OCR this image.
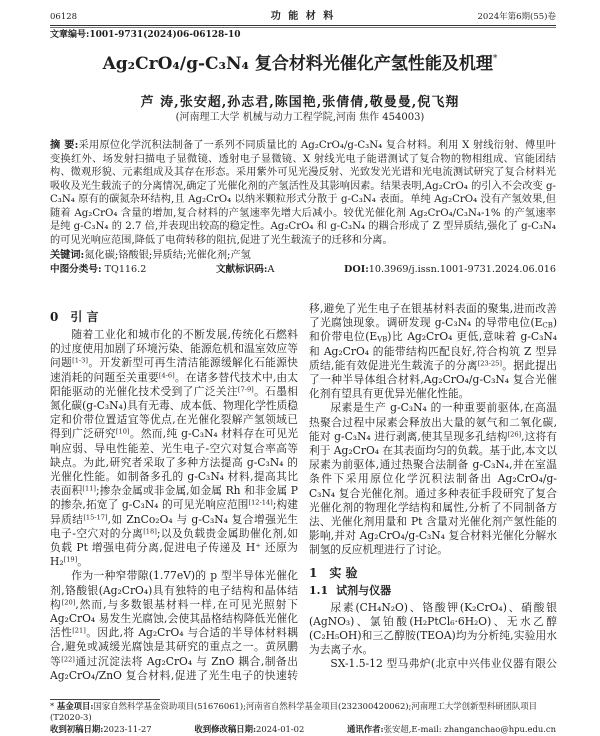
06128	功 能 材 料	2024年第6期(55)卷
文章编号:1001-9731(2024)06-06128-10
Ag₂CrO₄/g-C₃N₄ 复合材料光催化产氢性能及机理*
芦 涛,张安超,孙志君,陈国艳,张倩倩,敬曼曼,倪飞翔
(河南理工大学 机械与动力工程学院,河南 焦作 454003)
摘 要:采用原位化学沉积法制备了一系列不同质量比的 Ag₂CrO₄/g-C₃N₄ 复合材料。利用 X 射线衍射、傅里叶变换红外、场发射扫描电子显微镜、透射电子显微镜、X 射线光电子能谱测试了复合物的物相组成、官能团结构、微观形貌、元素组成及其存在形态。采用紫外可见光漫反射、光致发光光谱和光电流测试研究了复合材料光吸收及光生载流子的分离情况,确定了光催化剂的产氢活性及其影响因素。结果表明,Ag₂CrO₄ 的引入不会改变 g-C₃N₄ 原有的碳氮杂环结构,且 Ag₂CrO₄ 以纳米颗粒形式分散于 g-C₃N₄ 表面。单纯 Ag₂CrO₄ 没有产氢效果,但随着 Ag₂CrO₄ 含量的增加,复合材料的产氢速率先增大后减小。较优光催化剂 Ag₂CrO₄/C₃N₄-1% 的产氢速率是纯 g-C₃N₄ 的 2.7 倍,并表现出较高的稳定性。Ag₂CrO₄ 和 g-C₃N₄ 的耦合形成了 Z 型异质结,强化了 g-C₃N₄ 的可见光响应范围,降低了电荷转移的阻抗,促进了光生载流子的迁移和分离。
关键词:氮化碳;铬酸银;异质结;光催化剂;产氢
中图分类号: TQ116.2	文献标识码:A	DOI:10.3969/j.issn.1001-9731.2024.06.016
0 引 言

随着工业化和城市化的不断发展,传统化石燃料的过度使用加剧了环境污染、能源危机和温室效应等问题[1-3]。开发新型可再生清洁能源缓解化石能源快速消耗的问题至关重要[4-6]。在诸多替代技术中,由太阳能驱动的光催化技术受到了广泛关注[7-9]。石墨相氮化碳(g-C₃N₄)具有无毒、成本低、物理化学性质稳定和价带位置适宜等优点,在光催化裂解产氢领域已得到广泛研究[10]。然而,纯 g-C₃N₄ 材料存在可见光响应弱、导电性能差、光生电子-空穴对复合率高等缺点。为此,研究者采取了多种方法提高 g-C₃N₄ 的光催化性能。如制备多孔的 g-C₃N₄ 材料,提高其比表面积[11];掺杂金属或非金属,如金属 Rh 和非金属 P 的掺杂,拓宽了 g-C₃N₄ 的可见光响应范围[12-14];构建异质结[15-17],如 ZnCo₂O₄ 与 g-C₃N₄ 复合增强光生电子-空穴对的分离[18];以及负载贵金属助催化剂,如负载 Pt 增强电荷分离,促进电子传递及 H⁺ 还原为 H₂[19]。

作为一种窄带隙(1.77eV)的 p 型半导体光催化剂,铬酸银(Ag₂CrO₄)具有独特的电子结构和晶体结构[20],然而,与多数银基材料一样,在可见光照射下 Ag₂CrO₄ 易发生光腐蚀,会使其晶格结构降低光催化活性[21]。因此,将 Ag₂CrO₄ 与合适的半导体材料耦合,避免或减缓光腐蚀是其研究的重点之一。黄夙鹏等[22]通过沉淀法将 Ag₂CrO₄ 与 ZnO 耦合,制备出 Ag₂CrO₄/ZnO 复合材料,促进了光生电子的快速转

移,避免了光生电子在银基材料表面的聚集,进而改善了光腐蚀现象。调研发现 g-C₃N₄ 的导带电位$(E_{CB})$和价带电位$(E_{VB})$比 Ag₂CrO₄ 更低,意味着 g-C₃N₄ 和 Ag₂CrO₄ 的能带结构匹配良好,符合构筑 Z 型异质结,能有效促进光生载流子的分离[23-25]。据此提出了一种半导体组合材料,Ag₂CrO₄/g-C₃N₄ 复合光催化剂有望具有更优异光催化性能。

尿素是生产 g-C₃N₄ 的一种重要前驱体,在高温热聚合过程中尿素会释放出大量的氨气和二氧化碳,能对 g-C₃N₄ 进行剥离,使其呈现多孔结构[26],这将有利于 Ag₂CrO₄ 在其表面均匀的负载。基于此,本文以尿素为前驱体,通过热聚合法制备 g-C₃N₄,并在室温条件下采用原位化学沉积法制备出 Ag₂CrO₄/g-C₃N₄ 复合光催化剂。通过多种表征手段研究了复合光催化剂的物理化学结构和属性,分析了不同制备方法、光催化剂用量和 Pt 含量对光催化剂产氢性能的影响,并对 Ag₂CrO₄/g-C₃N₄ 复合材料光催化分解水制氢的反应机理进行了讨论。

1 实 验
1.1 试剂与仪器

尿素(CH₄N₂O)、铬酸钾(K₂CrO₄)、硝酸银(AgNO₃)、氯铂酸(H₂PtCl₆·6H₂O)、无水乙醇(C₂H₅OH)和三乙醇胺(TEOA)均为分析纯,实验用水为去离子水。

SX-1.5-12 型马弗炉(北京中兴伟业仪器有限公

* 基金项目:国家自然科学基金资助项目(51676061);河南省自然科学基金项目(232300420062);河南理工大学创新型科研团队项目(T2020-3)
收到初稿日期:2023-11-27	收到修改稿日期:2024-01-02	通讯作者:张安超,E-mail: zhanganchao@hpu.edu.cn
